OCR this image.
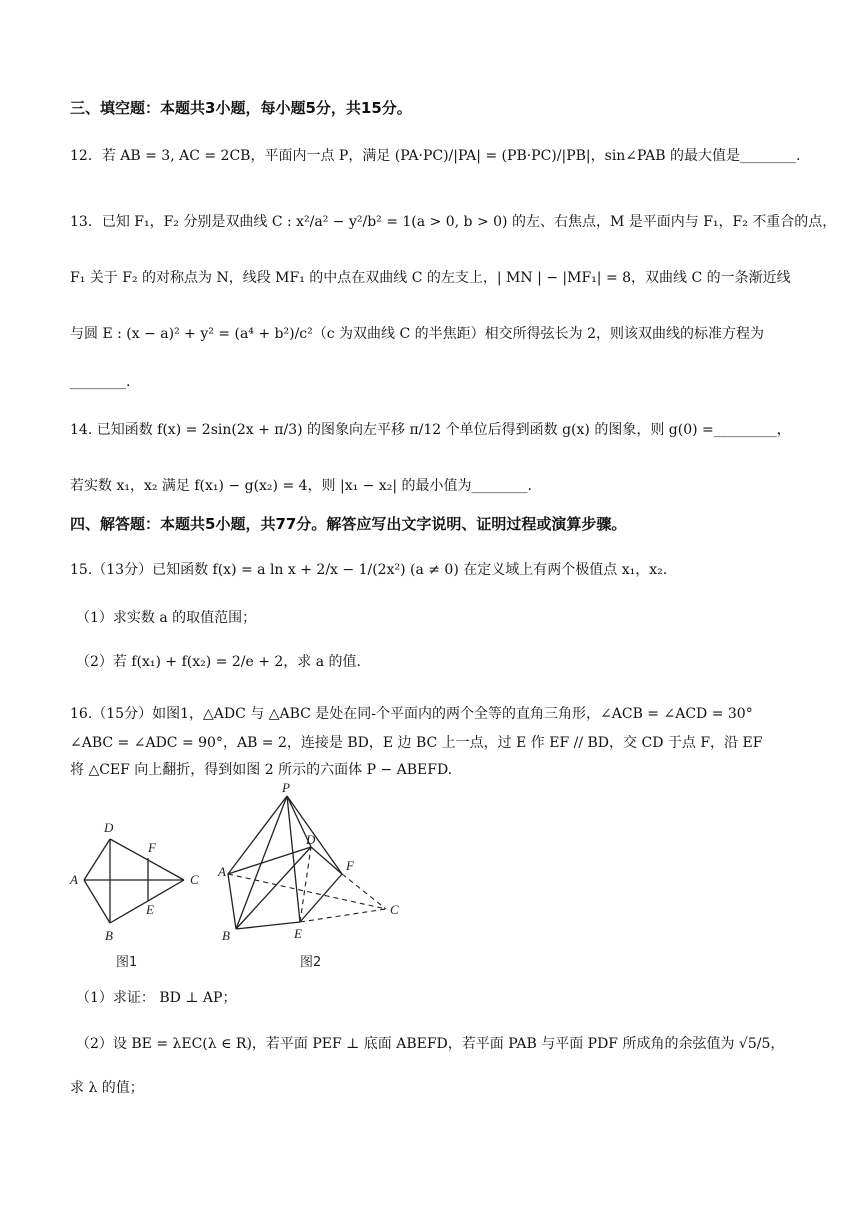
三、填空题：本题共3小题，每小题5分，共15分。
12．若 AB = 3, AC = 2CB，平面内一点 P，满足 (PA·PC)/|PA| = (PB·PC)/|PB|，sin∠PAB 的最大值是________.
13．已知 F₁，F₂ 分别是双曲线 C : x²/a² − y²/b² = 1(a > 0, b > 0) 的左、右焦点，M 是平面内与 F₁，F₂ 不重合的点，
F₁ 关于 F₂ 的对称点为 N，线段 MF₁ 的中点在双曲线 C 的左支上，| MN | − |MF₁| = 8，双曲线 C 的一条渐近线
与圆 E : (x − a)² + y² = (a⁴ + b²)/c²（c 为双曲线 C 的半焦距）相交所得弦长为 2，则该双曲线的标准方程为
________.
14. 已知函数 f(x) = 2sin(2x + π/3) 的图象向左平移 π/12 个单位后得到函数 g(x) 的图象，则 g(0) =_________，
若实数 x₁，x₂ 满足 f(x₁) − g(x₂) = 4，则 |x₁ − x₂| 的最小值为________.
四、解答题：本题共5小题，共77分。解答应写出文字说明、证明过程或演算步骤。
15.（13分）已知函数 f(x) = a ln x + 2/x − 1/(2x²) (a ≠ 0) 在定义域上有两个极值点 x₁，x₂.
（1）求实数 a 的取值范围；
（2）若 f(x₁) + f(x₂) = 2/e + 2，求 a 的值.
16.（15分）如图1，△ADC 与 △ABC 是处在同-个平面内的两个全等的直角三角形，∠ACB = ∠ACD = 30°
∠ABC = ∠ADC = 90°，AB = 2，连接是 BD，E 边 BC 上一点，过 E 作 EF // BD，交 CD 于点 F，沿 EF
将 △CEF 向上翻折，得到如图 2 所示的六面体 P − ABEFD.
D
A	C
B
F
E
图1
P
A
B
D
E
F
C
图2
（1）求证： BD ⊥ AP；
（2）设 BE = λEC(λ ∈ R)，若平面 PEF ⊥ 底面 ABEFD，若平面 PAB 与平面 PDF 所成角的余弦值为 √5/5，
求 λ 的值；
